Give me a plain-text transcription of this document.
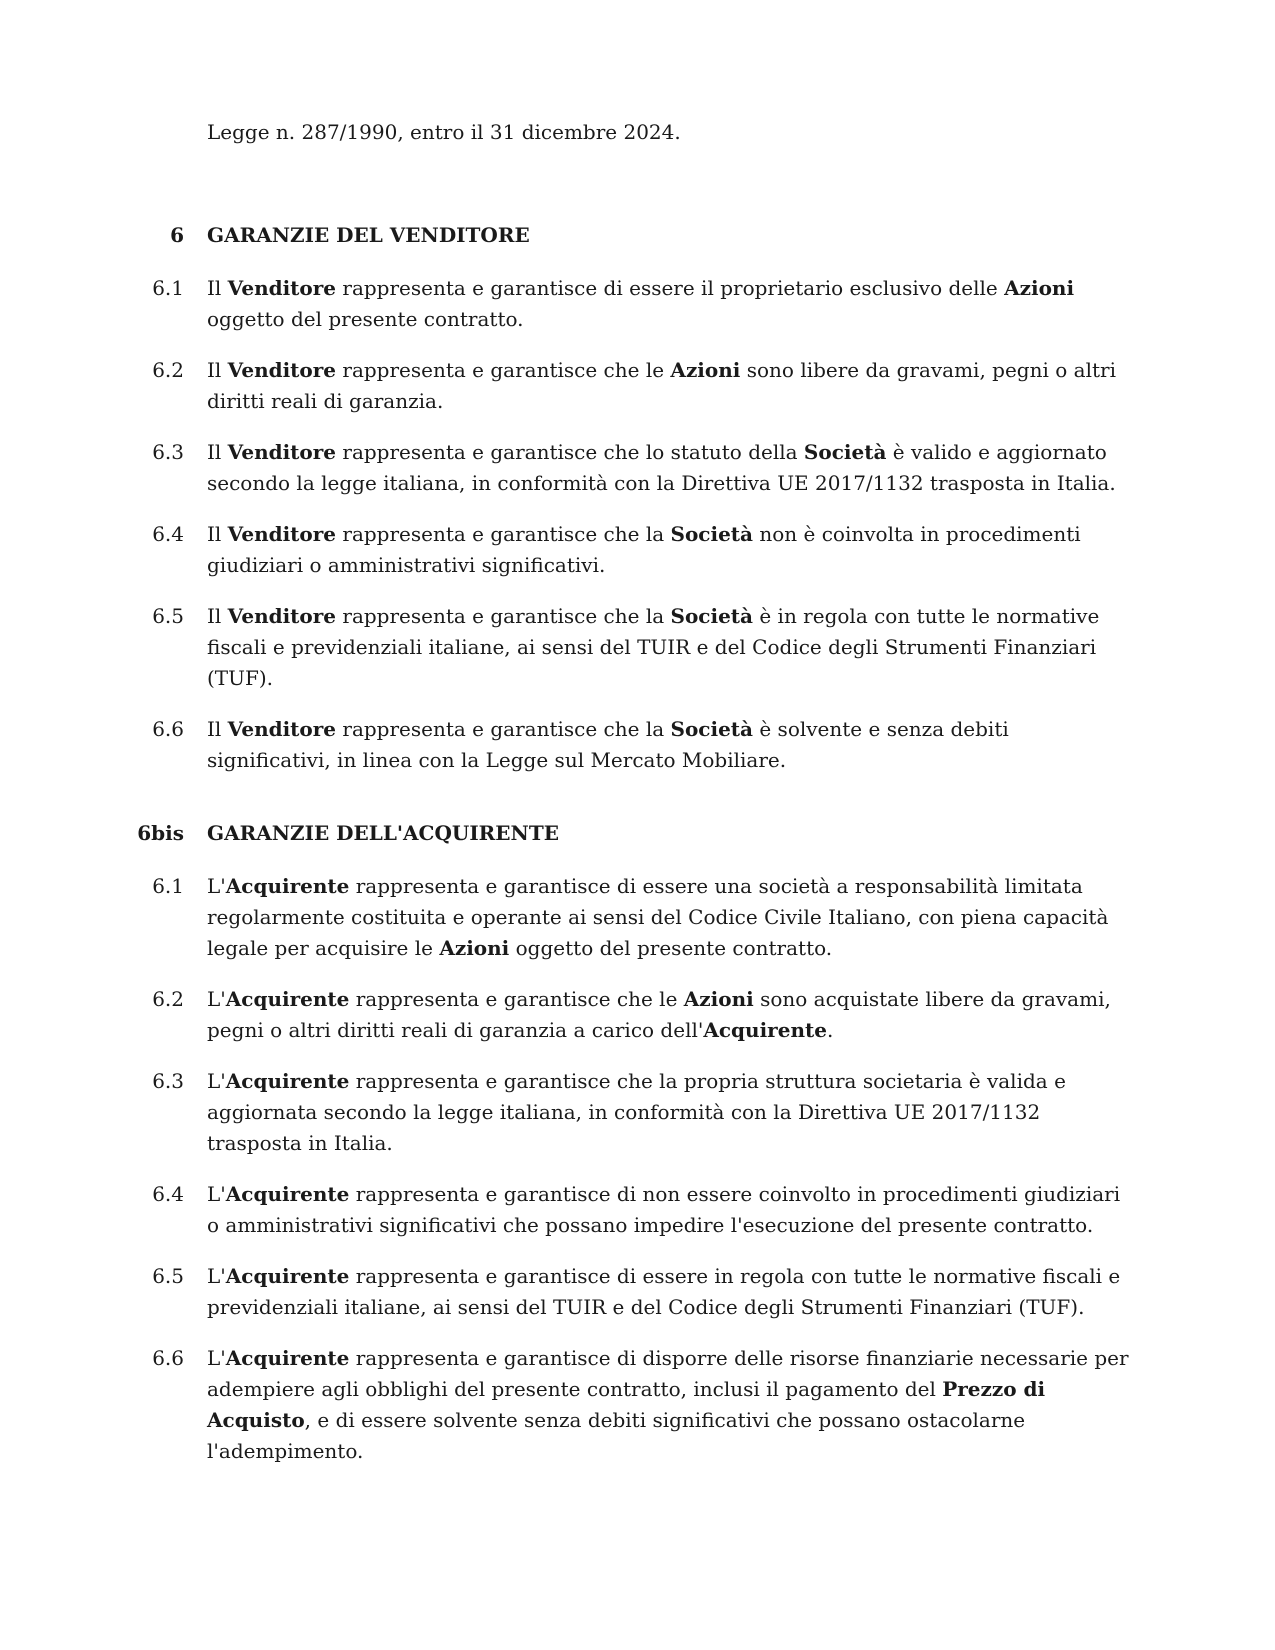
Legge n. 287/1990, entro il 31 dicembre 2024.

6 GARANZIE DEL VENDITORE
6.1 Il Venditore rappresenta e garantisce di essere il proprietario esclusivo delle Azioni oggetto del presente contratto.
6.2 Il Venditore rappresenta e garantisce che le Azioni sono libere da gravami, pegni o altri diritti reali di garanzia.
6.3 Il Venditore rappresenta e garantisce che lo statuto della Società è valido e aggiornato secondo la legge italiana, in conformità con la Direttiva UE 2017/1132 trasposta in Italia.
6.4 Il Venditore rappresenta e garantisce che la Società non è coinvolta in procedimenti giudiziari o amministrativi significativi.
6.5 Il Venditore rappresenta e garantisce che la Società è in regola con tutte le normative fiscali e previdenziali italiane, ai sensi del TUIR e del Codice degli Strumenti Finanziari (TUF).
6.6 Il Venditore rappresenta e garantisce che la Società è solvente e senza debiti significativi, in linea con la Legge sul Mercato Mobiliare.
6bis GARANZIE DELL'ACQUIRENTE
6.1 L'Acquirente rappresenta e garantisce di essere una società a responsabilità limitata regolarmente costituita e operante ai sensi del Codice Civile Italiano, con piena capacità legale per acquisire le Azioni oggetto del presente contratto.
6.2 L'Acquirente rappresenta e garantisce che le Azioni sono acquistate libere da gravami, pegni o altri diritti reali di garanzia a carico dell'Acquirente.
6.3 L'Acquirente rappresenta e garantisce che la propria struttura societaria è valida e aggiornata secondo la legge italiana, in conformità con la Direttiva UE 2017/1132 trasposta in Italia.
6.4 L'Acquirente rappresenta e garantisce di non essere coinvolto in procedimenti giudiziari o amministrativi significativi che possano impedire l'esecuzione del presente contratto.
6.5 L'Acquirente rappresenta e garantisce di essere in regola con tutte le normative fiscali e previdenziali italiane, ai sensi del TUIR e del Codice degli Strumenti Finanziari (TUF).
6.6 L'Acquirente rappresenta e garantisce di disporre delle risorse finanziarie necessarie per adempiere agli obblighi del presente contratto, inclusi il pagamento del Prezzo di Acquisto, e di essere solvente senza debiti significativi che possano ostacolarne l'adempimento.
